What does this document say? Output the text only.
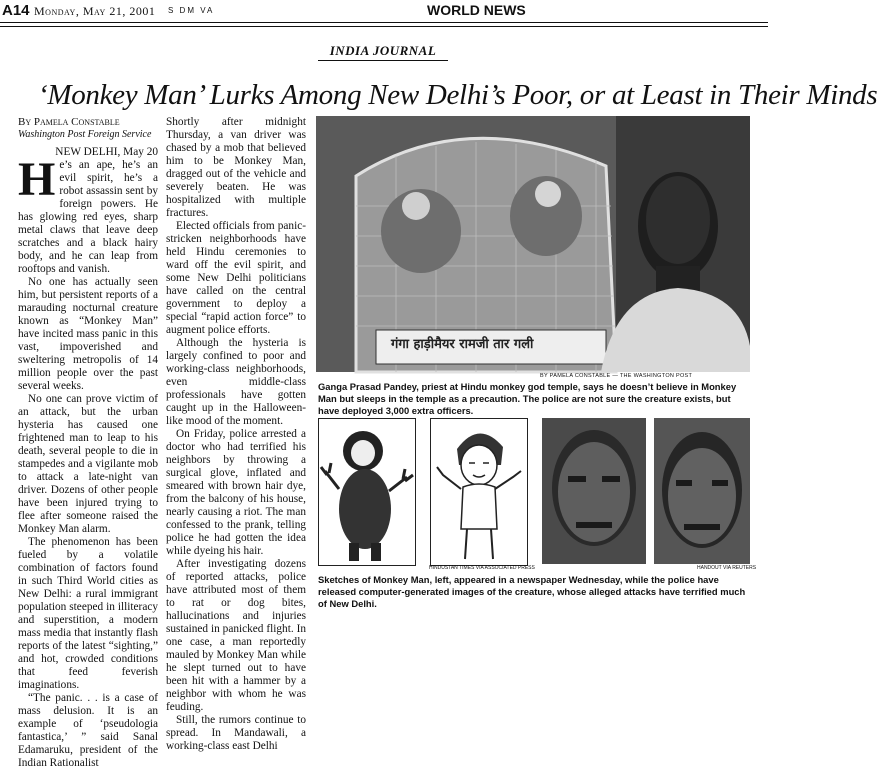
A14 Monday, May 21, 2001 S DM VA	WORLD NEWS
INDIA JOURNAL
‘Monkey Man’ Lurks Among New Delhi’s Poor, or at Least in Their Minds
By Pamela Constable
Washington Post Foreign Service

NEW DELHI, May 20

He’s an ape, he’s an evil spirit, he’s a robot assassin sent by foreign powers. He has glowing red eyes, sharp metal claws that leave deep scratches and a black hairy body, and he can leap from rooftops and vanish.

No one has actually seen him, but persistent reports of a marauding nocturnal creature known as “Monkey Man” have incited mass panic in this vast, impoverished and sweltering metropolis of 14 million people over the past several weeks.

No one can prove victim of an attack, but the urban hysteria has caused one frightened man to leap to his death, several people to die in stampedes and a vigilante mob to attack a late-night van driver. Dozens of other people have been injured trying to flee after someone raised the Monkey Man alarm.

The phenomenon has been fueled by a volatile combination of factors found in such Third World cities as New Delhi: a rural immigrant population steeped in illiteracy and superstition, a modern mass media that instantly flash reports of the latest “sighting,” and hot, crowded conditions that feed feverish imaginations.

“The panic. . . is a case of mass delusion. It is an example of ‘pseudologia fantastica,’ ” said Sanal Edamaruku, president of the Indian Rationalist

Shortly after midnight Thursday, a van driver was chased by a mob that believed him to be Monkey Man, dragged out of the vehicle and severely beaten. He was hospitalized with multiple fractures.

Elected officials from panic-stricken neighborhoods have held Hindu ceremonies to ward off the evil spirit, and some New Delhi politicians have called on the central government to deploy a special “rapid action force” to augment police efforts.

Although the hysteria is largely confined to poor and working-class neighborhoods, even middle-class professionals have gotten caught up in the Halloween-like mood of the moment.

On Friday, police arrested a doctor who had terrified his neighbors by throwing a surgical glove, inflated and smeared with brown hair dye, from the balcony of his house, nearly causing a riot. The man confessed to the prank, telling police he had gotten the idea while dyeing his hair.

After investigating dozens of reported attacks, police have attributed most of them to rat or dog bites, hallucinations and injuries sustained in panicked flight. In one case, a man reportedly mauled by Monkey Man while he slept turned out to have been hit with a hammer by a neighbor with whom he was feuding.

Still, the rumors continue to spread. In Mandawali, a working-class east Delhi

गंगा हाड़ीमैयर रामजी तार गली
BY PAMELA CONSTABLE — THE WASHINGTON POST
Ganga Prasad Pandey, priest at Hindu monkey god temple, says he doesn’t believe in Monkey Man but sleeps in the temple as a precaution. The police are not sure the creature exists, but have deployed 3,000 extra officers.
HINDUSTAN TIMES VIA ASSOCIATED PRESS	HANDOUT VIA REUTERS
Sketches of Monkey Man, left, appeared in a newspaper Wednesday, while the police have released computer-generated images of the creature, whose alleged attacks have terrified much of New Delhi.
